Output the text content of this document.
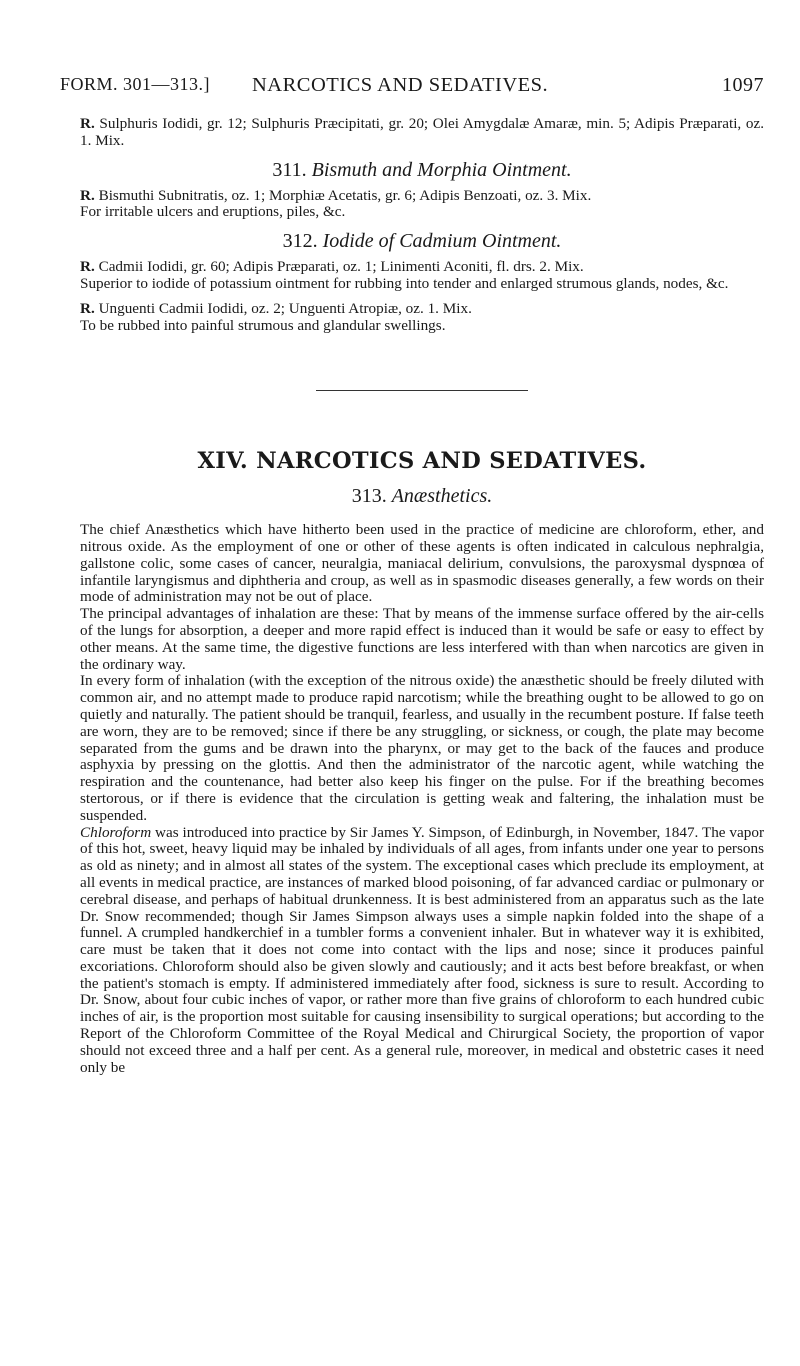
FORM. 301—313.] NARCOTICS AND SEDATIVES.	1097

R. Sulphuris Iodidi, gr. 12; Sulphuris Præcipitati, gr. 20; Olei Amygdalæ Amaræ, min. 5; Adipis Præparati, oz. 1. Mix.

311. Bismuth and Morphia Ointment.

R. Bismuthi Subnitratis, oz. 1; Morphiæ Acetatis, gr. 6; Adipis Benzoati, oz. 3. Mix.

For irritable ulcers and eruptions, piles, &c.

312. Iodide of Cadmium Ointment.

R. Cadmii Iodidi, gr. 60; Adipis Præparati, oz. 1; Linimenti Aconiti, fl. drs. 2. Mix.

Superior to iodide of potassium ointment for rubbing into tender and enlarged strumous glands, nodes, &c.

R. Unguenti Cadmii Iodidi, oz. 2; Unguenti Atropiæ, oz. 1. Mix.

To be rubbed into painful strumous and glandular swellings.

XIV. NARCOTICS AND SEDATIVES.
313. Anæsthetics.

The chief Anæsthetics which have hitherto been used in the practice of medicine are chloroform, ether, and nitrous oxide. As the employment of one or other of these agents is often indicated in calculous nephralgia, gallstone colic, some cases of cancer, neuralgia, maniacal delirium, convulsions, the paroxysmal dyspnœa of infantile laryngismus and diphtheria and croup, as well as in spasmodic diseases generally, a few words on their mode of administration may not be out of place.

The principal advantages of inhalation are these: That by means of the immense surface offered by the air-cells of the lungs for absorption, a deeper and more rapid effect is induced than it would be safe or easy to effect by other means. At the same time, the digestive functions are less interfered with than when narcotics are given in the ordinary way.

In every form of inhalation (with the exception of the nitrous oxide) the anæsthetic should be freely diluted with common air, and no attempt made to produce rapid narcotism; while the breathing ought to be allowed to go on quietly and naturally. The patient should be tranquil, fearless, and usually in the recumbent posture. If false teeth are worn, they are to be removed; since if there be any struggling, or sickness, or cough, the plate may become separated from the gums and be drawn into the pharynx, or may get to the back of the fauces and produce asphyxia by pressing on the glottis. And then the administrator of the narcotic agent, while watching the respiration and the countenance, had better also keep his finger on the pulse. For if the breathing becomes stertorous, or if there is evidence that the circulation is getting weak and faltering, the inhalation must be suspended.

Chloroform was introduced into practice by Sir James Y. Simpson, of Edinburgh, in November, 1847. The vapor of this hot, sweet, heavy liquid may be inhaled by individuals of all ages, from infants under one year to persons as old as ninety; and in almost all states of the system. The exceptional cases which preclude its employment, at all events in medical practice, are instances of marked blood poisoning, of far advanced cardiac or pulmonary or cerebral disease, and perhaps of habitual drunkenness. It is best administered from an apparatus such as the late Dr. Snow recommended; though Sir James Simpson always uses a simple napkin folded into the shape of a funnel. A crumpled handkerchief in a tumbler forms a convenient inhaler. But in whatever way it is exhibited, care must be taken that it does not come into contact with the lips and nose; since it produces painful excoriations. Chloroform should also be given slowly and cautiously; and it acts best before breakfast, or when the patient's stomach is empty. If administered immediately after food, sickness is sure to result. According to Dr. Snow, about four cubic inches of vapor, or rather more than five grains of chloroform to each hundred cubic inches of air, is the proportion most suitable for causing insensibility to surgical operations; but according to the Report of the Chloroform Committee of the Royal Medical and Chirurgical Society, the proportion of vapor should not exceed three and a half per cent. As a general rule, moreover, in medical and obstetric cases it need only be
